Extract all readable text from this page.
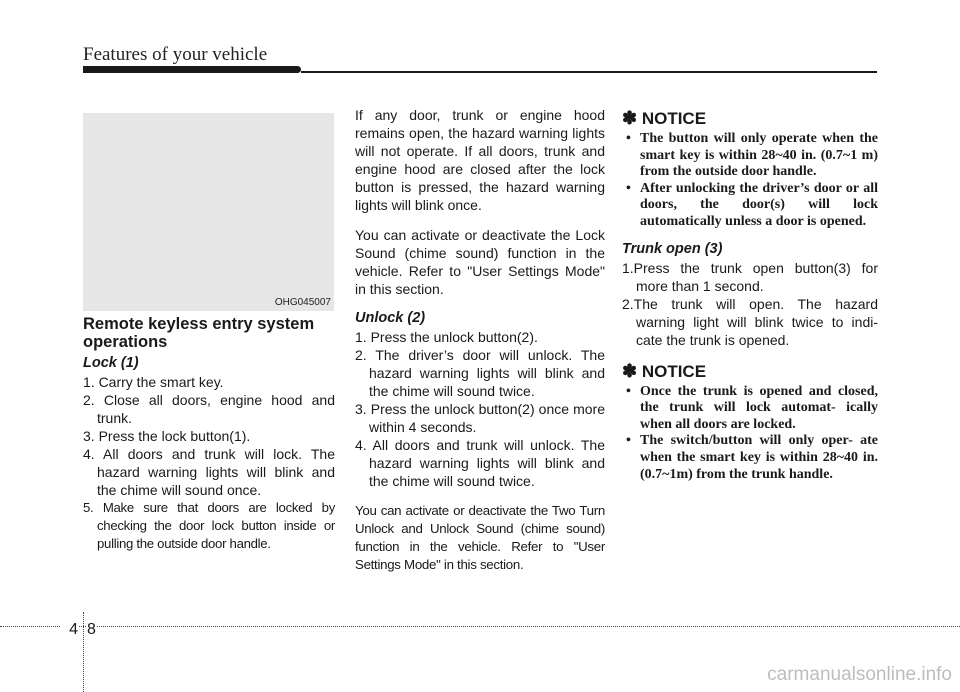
Features of your vehicle
OHG045007
Remote keyless entry system operations
Lock (1)
1. Carry the smart key.
2. Close all doors, engine hood and trunk.
3. Press the lock button(1).
4. All doors and trunk will lock. The hazard warning lights will blink and the chime will sound once.
5. Make sure that doors are locked by checking the door lock button inside or pulling the outside door handle.

If any door, trunk or engine hood remains open, the hazard warning lights will not operate. If all doors, trunk and engine hood are closed after the lock button is pressed, the hazard warning lights will blink once.

You can activate or deactivate the Lock Sound (chime sound) function in the vehicle. Refer to "User Settings Mode" in this section.

Unlock (2)
1. Press the unlock button(2).
2. The driver’s door will unlock. The hazard warning lights will blink and the chime will sound twice.
3. Press the unlock button(2) once more within 4 seconds.
4. All doors and trunk will unlock. The hazard warning lights will blink and the chime will sound twice.

You can activate or deactivate the Two Turn Unlock and Unlock Sound (chime sound) function in the vehicle. Refer to "User Settings Mode" in this section.

✽ NOTICE
• The button will only operate when the smart key is within 28~40 in. (0.7~1 m) from the outside door handle.
• After unlocking the driver’s door or all doors, the door(s) will lock automatically unless a door is opened.
Trunk open (3)
1.Press the trunk open button(3) for more than 1 second.
2.The trunk will open. The hazard warning light will blink twice to indi- cate the trunk is opened.
✽ NOTICE
• Once the trunk is opened and closed, the trunk will lock automat- ically when all doors are locked.
• The switch/button will only oper- ate when the smart key is within 28~40 in. (0.7~1m) from the trunk handle.
4 8
carmanualsonline.info
